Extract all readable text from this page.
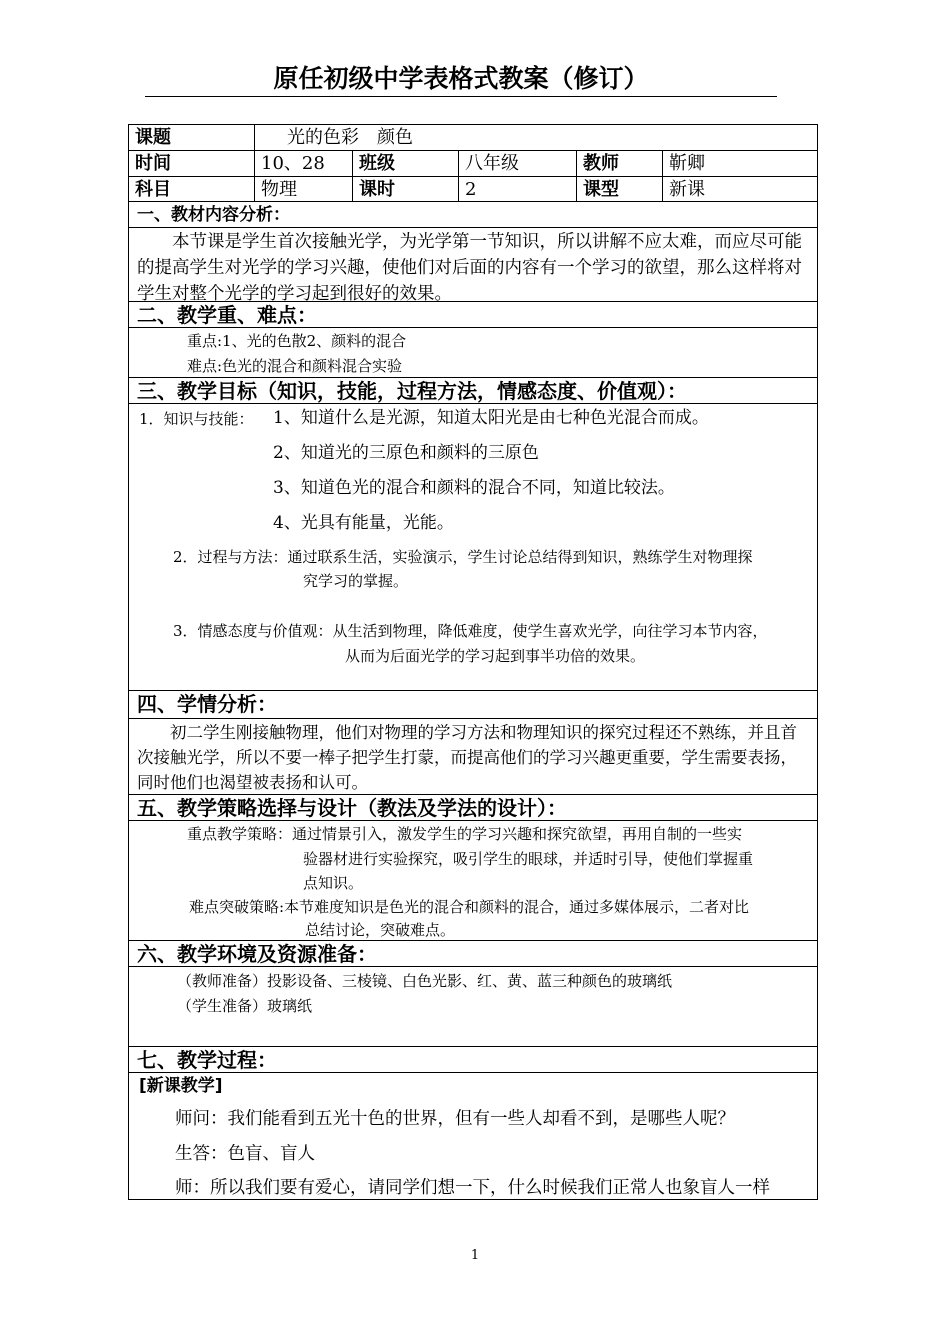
原任初级中学表格式教案（修订）
课题	光的色彩　颜色
时间	10、28	班级	八年级	教师	靳卿
科目	物理	课时	2	课型	新课
一、教材内容分析：
本节课是学生首次接触光学，为光学第一节知识，所以讲解不应太难，而应尽可能的提高学生对光学的学习兴趣，使他们对后面的内容有一个学习的欲望，那么这样将对学生对整个光学的学习起到很好的效果。
二、教学重、难点：
重点:1、光的色散2、颜料的混合
难点:色光的混合和颜料混合实验
三、教学目标（知识，技能，过程方法，情感态度、价值观）：
1．知识与技能： 1、知道什么是光源，知道太阳光是由七种色光混合而成。
2、知道光的三原色和颜料的三原色
3、知道色光的混合和颜料的混合不同，知道比较法。
4、光具有能量，光能。
2．过程与方法：通过联系生活，实验演示，学生讨论总结得到知识，熟练学生对物理探
究学习的掌握。
3．情感态度与价值观：从生活到物理，降低难度，使学生喜欢光学，向往学习本节内容，
从而为后面光学的学习起到事半功倍的效果。
四、学情分析：
初二学生刚接触物理，他们对物理的学习方法和物理知识的探究过程还不熟练，并且首次接触光学，所以不要一棒子把学生打蒙，而提高他们的学习兴趣更重要，学生需要表扬，同时他们也渴望被表扬和认可。
五、教学策略选择与设计（教法及学法的设计）：
重点教学策略：通过情景引入，激发学生的学习兴趣和探究欲望，再用自制的一些实
验器材进行实验探究，吸引学生的眼球，并适时引导，使他们掌握重
点知识。
难点突破策略:本节难度知识是色光的混合和颜料的混合，通过多媒体展示，二者对比
总结讨论，突破难点。
六、教学环境及资源准备：
（教师准备）投影设备、三棱镜、白色光影、红、黄、蓝三种颜色的玻璃纸
（学生准备）玻璃纸
七、教学过程：
[新课教学]
师问：我们能看到五光十色的世界，但有一些人却看不到，是哪些人呢？
生答：色盲、盲人
师：所以我们要有爱心，请同学们想一下，什么时候我们正常人也象盲人一样
1
